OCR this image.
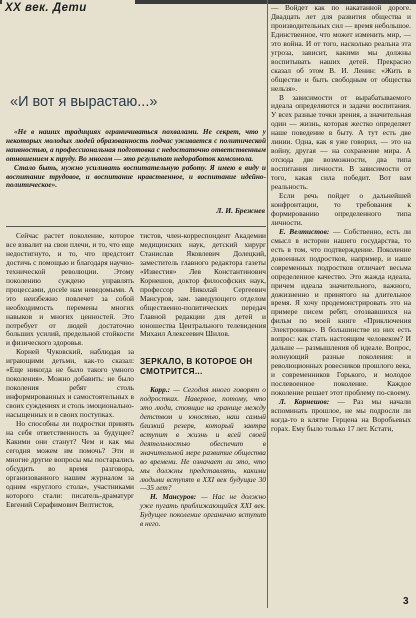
XX век. Дети
«И вот я вырастаю...»

«Не в наших традициях ограничиваться похвалами. Не секрет, что у некоторых молодых людей образованность подчас уживается с политической наивностью, а профессиональная подготовка с недостаточно ответственным отношением к труду. Во многом — это результат недоработок комсомола.

Стало быть, нужно усиливать воспитательную работу. Я имею в виду и воспитание трудовое, и воспитание нравственное, и воспитание идейно-политическое».

Л. И. Брежнев

Сейчас растет поколение, которое все взвалит на свои плечи, и то, что еще недостигнуто, и то, что предстоит достичь с помощью и благодаря научно-технической революции. Этому поколению суждено управлять процессами, досele нам неведомыми. А это неизбежно повлечет за собой необходимость перемены многих навыков и многих ценностей. Это потребует от людей достаточно больших усилий, предельной стойкости и физического здоровья.

Корней Чуковский, наблюдая за играющими детьми, как-то сказал: «Еще никогда не было такого умного поколения». Можно добавить: не было поколения ребят столь информированных и самостоятельных в своих суждениях и столь эмоционально-насыщенных и в своих поступках.

Но способны ли подростки принять на себя ответственность за будущее? Какими они станут? Чем и как мы сегодня можем им помочь? Эти и многие другие вопросы мы постарались обсудить во время разговора, организованного нашим журналом за одним «круглого стола», участниками которого стали: писатель-драматург Евгений Серафимович Велтистов,

тистов, член-корреспондент Академии медицинских наук, детский хирург Станислав Яковлевич Долецкий, заместитель главного редактора газеты «Известия» Лев Константинович Корнешов, доктор философских наук, профессор Николай Сергеевич Мансуров, зам. заведующего отделом общественно-политических передач Главной редакции для детей и юношества Центрального телевидения Михаил Алексеевич Шилов.

ЗЕРКАЛО, В КОТОРОЕ ОН СМОТРИТСЯ...

Корр.: — Сегодня много говорят о подростках. Наверное, потому, что это люди, стоящие на границе между детством и юностью, наш самый близкий резерв, который завтра вступит в жизнь и всей своей деятельностью обеспечит в значительной мере развитие общества во времени. Не означает ли это, что мы должны представлять, какими людьми вступят в XXI век будущие 30—35 лет?

Н. Мансуров: — Нас не должно уже пугать приближающийся XXI век. Будущее поколение органично вступит в него.

— Войдет как по накатанной дороге. Двадцать лет для развития общества и производительных сил — время небольшое. Единственное, что может изменить мир, — это война. И от того, насколько реальна эта угроза, зависит, какими мы должны воспитывать наших детей. Прекрасно сказал об этом В. И. Ленин: «Жить в обществе и быть свободным от общества нельзя».

В зависимости от вырабатываемого идеала определяются и задачи воспитания. У всех разные точки зрения, а значительная один — жизнь, которая жестко определяет наше поведение в быту. А тут есть две линии. Одна, как я уже говорил, — это на войну, другая — на сохранение мира. А отсюда две возможности, два типа воспитания личности. В зависимости от того, какая сила победит. Вот вам реальность.

Если речь пойдет о дальнейшей конфронтации, то требования к формированию определенного типа личности.

Е. Велтистов: — Собственно, есть ли смысл в истории нашего государства, то есть в том, что подтверждение. Поколение довоенных подростков, например, и наше современных подростков отличает весьма определенное качество. Это жажда идеала, причем идеала значительного, важного, дожизненно и принятого на длительное время. Я хочу продемонстрировать это на примере писем ребят, отозвавшихся на фильм по моей книге «Приключения Электроника». В большинстве из них есть вопрос: как стать настоящим человеком? И дальше — размышления об идеале. Вопрос, волнующий разные поколения: и революционных ровесников прошлого века, и современников Горького, и молодое послевоенное поколение. Каждое поколение решает этот проблему по-своему.

Л. Корнешов: — Раз мы начали вспоминать прошлое, не мы подросли ли когда-то в клятве Герцена на Воробьевых горах. Ему было только 17 лет. Кстати,

3
